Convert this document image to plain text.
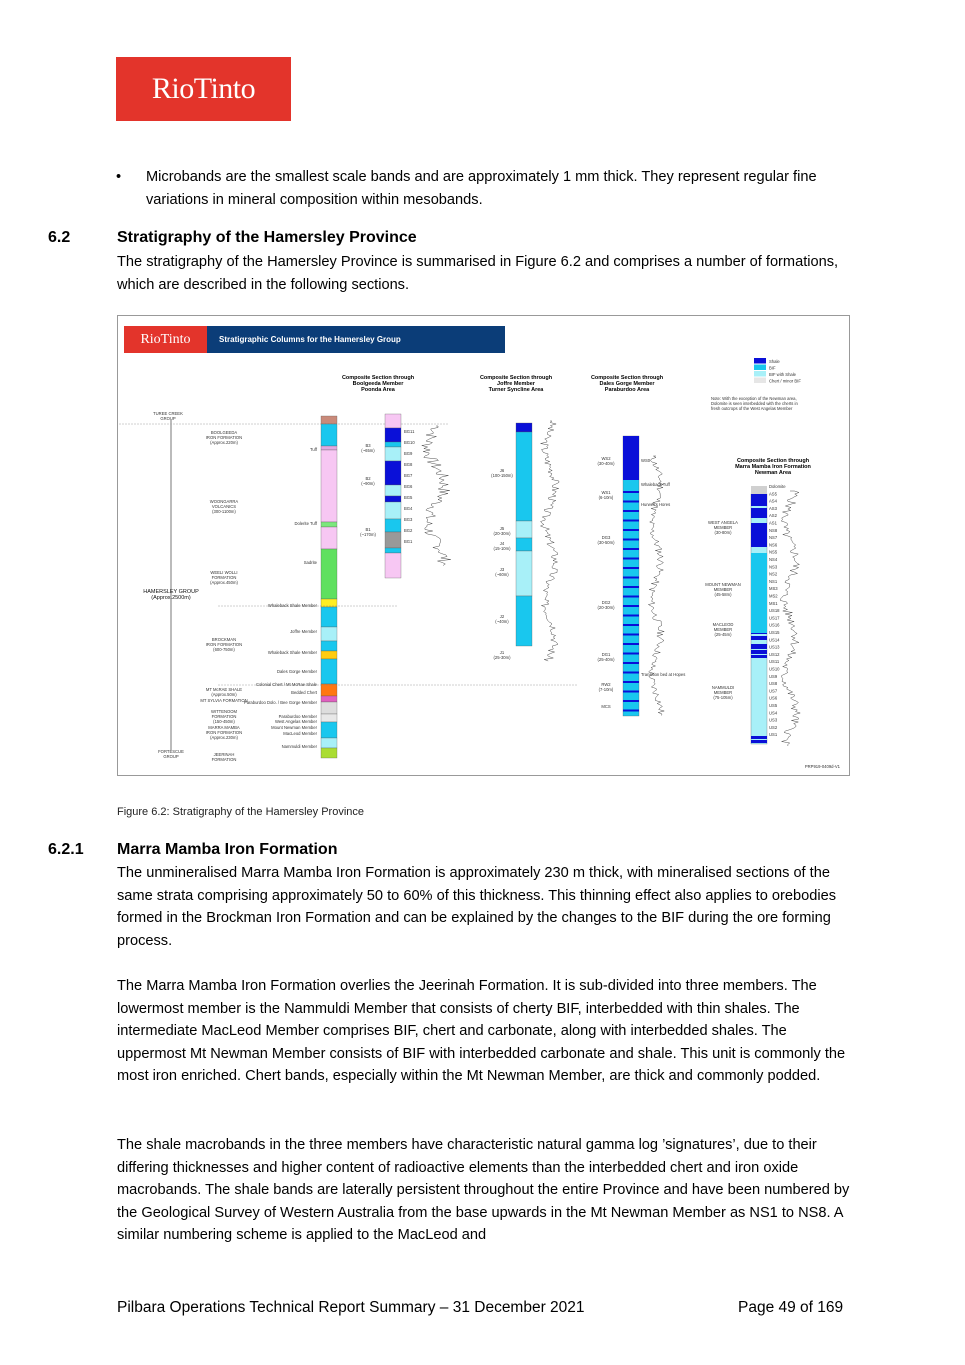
RioTinto
• Microbands are the smallest scale bands and are approximately 1 mm thick. They represent regular fine variations in mineral composition within mesobands.
6.2	Stratigraphy of the Hamersley Province
The stratigraphy of the Hamersley Province is summarised in Figure 6.2 and comprises a number of formations, which are described in the following sections.
RioTinto	Stratigraphic Columns for the Hamersley Group
Shale
BIF
BIF with Shale
Chert / minor BIF
Note: With the exception of the Newman area,
Dolomite is seen interbedded with the cherts in
fresh outcrops of the West Angelas Member
Composite Section through
Boolgeeda Member
Poonda Area
Composite Section through
Joffre Member
Turner Syncline Area
Composite Section through
Dales Gorge Member
Paraburdoo Area
Composite Section through
Marra Mamba Iron Formation
Newman Area
TUREE CREEK
GROUP
HAMERSLEY GROUP
(Approx.2500m)
FORTESCUE
GROUP
BOOLGEEDA
IRON FORMATION
(Approx.220m)
WOONGARRA
VOLCANICS
(300-1100m)
WEELI WOLLI
FORMATION
(Approx.450m)
BROCKMAN
IRON FORMATION
(600-750m)
MT McRAE SHALE
(Approx.50m)
MT SYLVIA FORMATION
WITTENOOM
FORMATION
(150-450m)
MARRA MAMBA
IRON FORMATION
(Approx.230m)
JEERINAH
FORMATION
Tuff
Dolerite Tuff
Sadrite
Whaleback Shale Member
Joffre Member
Whaleback Shale Member
Dales Gorge Member
Colonial Chert / Mt McRae Shale
Bedded Chert
Paraburdoo Dolo. / Bee Gorge Member
Paraburdoo Member
West Angelas Member
Mount Newman Member
MacLeod Member
Nammuldi Member
BG11
BG10
BG9
BG8
BG7
BG6
BG5
BG4
BG3
BG2
BG1
B3
(~65m)
B2
(~90m)
B1
(~170m)
J6
(100-150m)
J5
(20-30m)
J4
(15-10m)
J3
(~60m)
J2
(~40m)
J1
(25-30m)
WS2
(30-40m)
WS1
(6-10m)
DG3
(30-50m)
DG2
(20-30m)
DG1
(25-40m)
RW2
(7-10m)
MCS
WS0
Whaleback Tuff
Hurwell's Hores
Transition bed at Hopes
WEST ANGELA
MEMBER
(30-80m)
MOUNT NEWMAN
MEMBER
(45-58m)
MACLEOD
MEMBER
(25-45m)
NAMMULDI
MEMBER
(75-105m)
Dolomite
AS5
AS4
AS3
AS2
AS1
NS8
NS7
NS6
NS5
NS4
NS3
NS2
NS1
MS3
MS2
MS1
US18
US17
US16
US15
US14
US13
US12
US11
US10
US9
US8
US7
US6
US5
US4
US3
US2
US1
PRP919-0409d-V1
Figure 6.2: Stratigraphy of the Hamersley Province
6.2.1 Marra Mamba Iron Formation
The unmineralised Marra Mamba Iron Formation is approximately 230 m thick, with mineralised sections of the same strata comprising approximately 50 to 60% of this thickness. This thinning effect also applies to orebodies formed in the Brockman Iron Formation and can be explained by the changes to the BIF during the ore forming process.
The Marra Mamba Iron Formation overlies the Jeerinah Formation. It is sub-divided into three members. The lowermost member is the Nammuldi Member that consists of cherty BIF, interbedded with thin shales. The intermediate MacLeod Member comprises BIF, chert and carbonate, along with interbedded shales. The uppermost Mt Newman Member consists of BIF with interbedded carbonate and shale. This unit is commonly the most iron enriched. Chert bands, especially within the Mt Newman Member, are thick and commonly podded.
The shale macrobands in the three members have characteristic natural gamma log ’signatures’, due to their differing thicknesses and higher content of radioactive elements than the interbedded chert and iron oxide macrobands. The shale bands are laterally persistent throughout the entire Province and have been numbered by the Geological Survey of Western Australia from the base upwards in the Mt Newman Member as NS1 to NS8. A similar numbering scheme is applied to the MacLeod and
Pilbara Operations Technical Report Summary – 31 December 2021	Page 49 of 169
